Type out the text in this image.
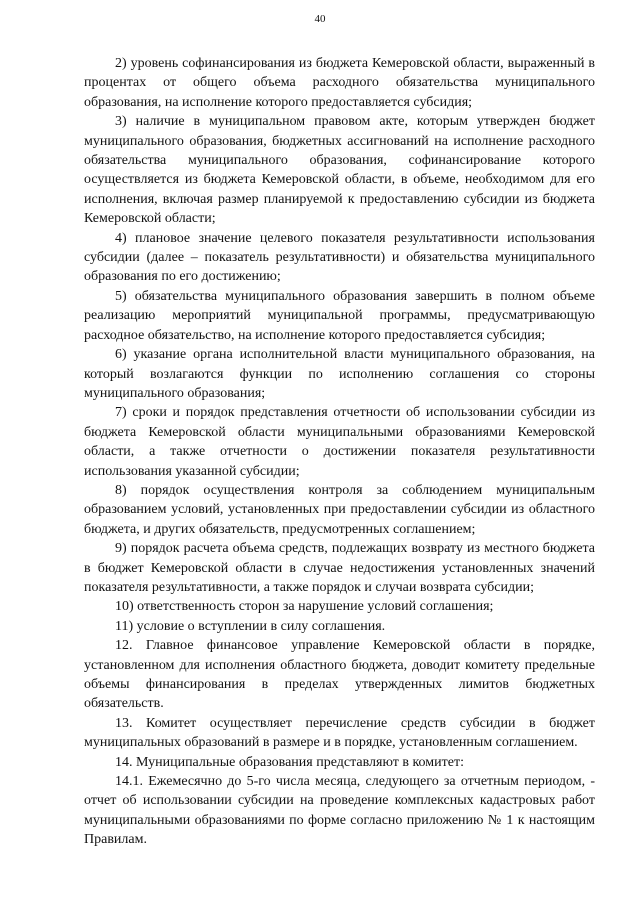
40

2) уровень софинансирования из бюджета Кемеровской области, выраженный в процентах от общего объема расходного обязательства муниципального образования, на исполнение которого предоставляется субсидия;

3) наличие в муниципальном правовом акте, которым утвержден бюджет муниципального образования, бюджетных ассигнований на исполнение расходного обязательства муниципального образования, софинансирование которого осуществляется из бюджета Кемеровской области, в объеме, необходимом для его исполнения, включая размер планируемой к предоставлению субсидии из бюджета Кемеровской области;

4) плановое значение целевого показателя результативности использования субсидии (далее – показатель результативности) и обязательства муниципального образования по его достижению;

5) обязательства муниципального образования завершить в полном объеме реализацию мероприятий муниципальной программы, предусматривающую расходное обязательство, на исполнение которого предоставляется субсидия;

6) указание органа исполнительной власти муниципального образования, на который возлагаются функции по исполнению соглашения со стороны муниципального образования;

7) сроки и порядок представления отчетности об использовании субсидии из бюджета Кемеровской области муниципальными образованиями Кемеровской области, а также отчетности о достижении показателя результативности использования указанной субсидии;

8) порядок осуществления контроля за соблюдением муниципальным образованием условий, установленных при предоставлении субсидии из областного бюджета, и других обязательств, предусмотренных соглашением;

9) порядок расчета объема средств, подлежащих возврату из местного бюджета в бюджет Кемеровской области в случае недостижения установленных значений показателя результативности, а также порядок и случаи возврата субсидии;

10) ответственность сторон за нарушение условий соглашения;

11) условие о вступлении в силу соглашения.

12. Главное финансовое управление Кемеровской области в порядке, установленном для исполнения областного бюджета, доводит комитету предельные объемы финансирования в пределах утвержденных лимитов бюджетных обязательств.

13. Комитет осуществляет перечисление средств субсидии в бюджет муниципальных образований в размере и в порядке, установленным соглашением.

14. Муниципальные образования представляют в комитет:

14.1. Ежемесячно до 5-го числа месяца, следующего за отчетным периодом, - отчет об использовании субсидии на проведение комплексных кадастровых работ муниципальными образованиями по форме согласно приложению № 1 к настоящим Правилам.
